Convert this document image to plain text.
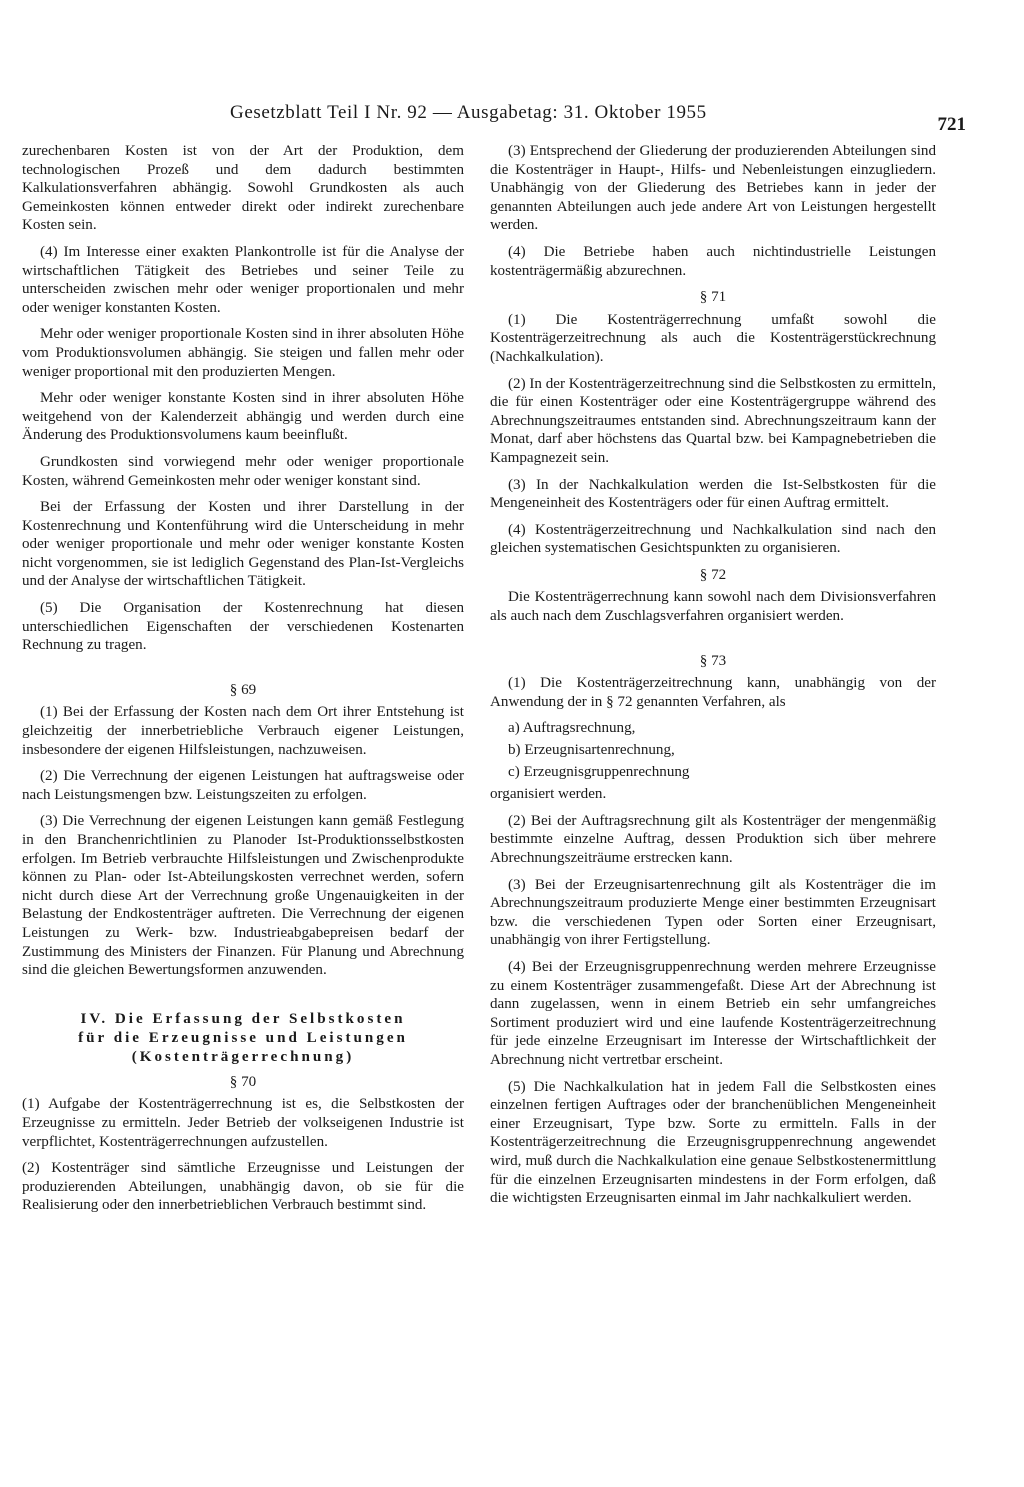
Gesetzblatt Teil I Nr. 92 — Ausgabetag: 31. Oktober 1955
721

zurechenbaren Kosten ist von der Art der Produktion, dem technologischen Prozeß und dem dadurch bestimmten Kalkulationsverfahren abhängig. Sowohl Grundkosten als auch Gemeinkosten können entweder direkt oder indirekt zurechenbare Kosten sein.

(4) Im Interesse einer exakten Plankontrolle ist für die Analyse der wirtschaftlichen Tätigkeit des Betriebes und seiner Teile zu unterscheiden zwischen mehr oder weniger proportionalen und mehr oder weniger konstanten Kosten.

Mehr oder weniger proportionale Kosten sind in ihrer absoluten Höhe vom Produktionsvolumen abhängig. Sie steigen und fallen mehr oder weniger proportional mit den produzierten Mengen.

Mehr oder weniger konstante Kosten sind in ihrer absoluten Höhe weitgehend von der Kalenderzeit abhängig und werden durch eine Änderung des Produktionsvolumens kaum beeinflußt.

Grundkosten sind vorwiegend mehr oder weniger proportionale Kosten, während Gemeinkosten mehr oder weniger konstant sind.

Bei der Erfassung der Kosten und ihrer Darstellung in der Kostenrechnung und Kontenführung wird die Unterscheidung in mehr oder weniger proportionale und mehr oder weniger konstante Kosten nicht vorgenommen, sie ist lediglich Gegenstand des Plan-Ist-Vergleichs und der Analyse der wirtschaftlichen Tätigkeit.

(5) Die Organisation der Kostenrechnung hat diesen unterschiedlichen Eigenschaften der verschiedenen Kostenarten Rechnung zu tragen.

§ 69

(1) Bei der Erfassung der Kosten nach dem Ort ihrer Entstehung ist gleichzeitig der innerbetriebliche Verbrauch eigener Leistungen, insbesondere der eigenen Hilfsleistungen, nachzuweisen.

(2) Die Verrechnung der eigenen Leistungen hat auftragsweise oder nach Leistungsmengen bzw. Leistungszeiten zu erfolgen.

(3) Die Verrechnung der eigenen Leistungen kann gemäß Festlegung in den Branchenrichtlinien zu Planoder Ist-Produktionsselbstkosten erfolgen. Im Betrieb verbrauchte Hilfsleistungen und Zwischenprodukte können zu Plan- oder Ist-Abteilungskosten verrechnet werden, sofern nicht durch diese Art der Verrechnung große Ungenauigkeiten in der Belastung der Endkostenträger auftreten. Die Verrechnung der eigenen Leistungen zu Werk- bzw. Industrieabgabepreisen bedarf der Zustimmung des Ministers der Finanzen. Für Planung und Abrechnung sind die gleichen Bewertungsformen anzuwenden.

IV. Die Erfassung der Selbstkosten
für die Erzeugnisse und Leistungen
(Kostenträgerrechnung)
§ 70

(1) Aufgabe der Kostenträgerrechnung ist es, die Selbstkosten der Erzeugnisse zu ermitteln. Jeder Betrieb der volkseigenen Industrie ist verpflichtet, Kostenträgerrechnungen aufzustellen.

(2) Kostenträger sind sämtliche Erzeugnisse und Leistungen der produzierenden Abteilungen, unabhängig davon, ob sie für die Realisierung oder den innerbetrieblichen Verbrauch bestimmt sind.

(3) Entsprechend der Gliederung der produzierenden Abteilungen sind die Kostenträger in Haupt-, Hilfs- und Nebenleistungen einzugliedern. Unabhängig von der Gliederung des Betriebes kann in jeder der genannten Abteilungen auch jede andere Art von Leistungen hergestellt werden.

(4) Die Betriebe haben auch nichtindustrielle Leistungen kostenträgermäßig abzurechnen.

§ 71

(1) Die Kostenträgerrechnung umfaßt sowohl die Kostenträgerzeitrechnung als auch die Kostenträgerstückrechnung (Nachkalkulation).

(2) In der Kostenträgerzeitrechnung sind die Selbstkosten zu ermitteln, die für einen Kostenträger oder eine Kostenträgergruppe während des Abrechnungszeitraumes entstanden sind. Abrechnungszeitraum kann der Monat, darf aber höchstens das Quartal bzw. bei Kampagnebetrieben die Kampagnezeit sein.

(3) In der Nachkalkulation werden die Ist-Selbstkosten für die Mengeneinheit des Kostenträgers oder für einen Auftrag ermittelt.

(4) Kostenträgerzeitrechnung und Nachkalkulation sind nach den gleichen systematischen Gesichtspunkten zu organisieren.

§ 72

Die Kostenträgerrechnung kann sowohl nach dem Divisionsverfahren als auch nach dem Zuschlagsverfahren organisiert werden.

§ 73

(1) Die Kostenträgerzeitrechnung kann, unabhängig von der Anwendung der in § 72 genannten Verfahren, als

a) Auftragsrechnung,
b) Erzeugnisartenrechnung,
c) Erzeugnisgruppenrechnung

organisiert werden.

(2) Bei der Auftragsrechnung gilt als Kostenträger der mengenmäßig bestimmte einzelne Auftrag, dessen Produktion sich über mehrere Abrechnungszeiträume erstrecken kann.

(3) Bei der Erzeugnisartenrechnung gilt als Kostenträger die im Abrechnungszeitraum produzierte Menge einer bestimmten Erzeugnisart bzw. die verschiedenen Typen oder Sorten einer Erzeugnisart, unabhängig von ihrer Fertigstellung.

(4) Bei der Erzeugnisgruppenrechnung werden mehrere Erzeugnisse zu einem Kostenträger zusammengefaßt. Diese Art der Abrechnung ist dann zugelassen, wenn in einem Betrieb ein sehr umfangreiches Sortiment produziert wird und eine laufende Kostenträgerzeitrechnung für jede einzelne Erzeugnisart im Interesse der Wirtschaftlichkeit der Abrechnung nicht vertretbar erscheint.

(5) Die Nachkalkulation hat in jedem Fall die Selbstkosten eines einzelnen fertigen Auftrages oder der branchenüblichen Mengeneinheit einer Erzeugnisart, Type bzw. Sorte zu ermitteln. Falls in der Kostenträgerzeitrechnung die Erzeugnisgruppenrechnung angewendet wird, muß durch die Nachkalkulation eine genaue Selbstkostenermittlung für die einzelnen Erzeugnisarten mindestens in der Form erfolgen, daß die wichtigsten Erzeugnisarten einmal im Jahr nachkalkuliert werden.
